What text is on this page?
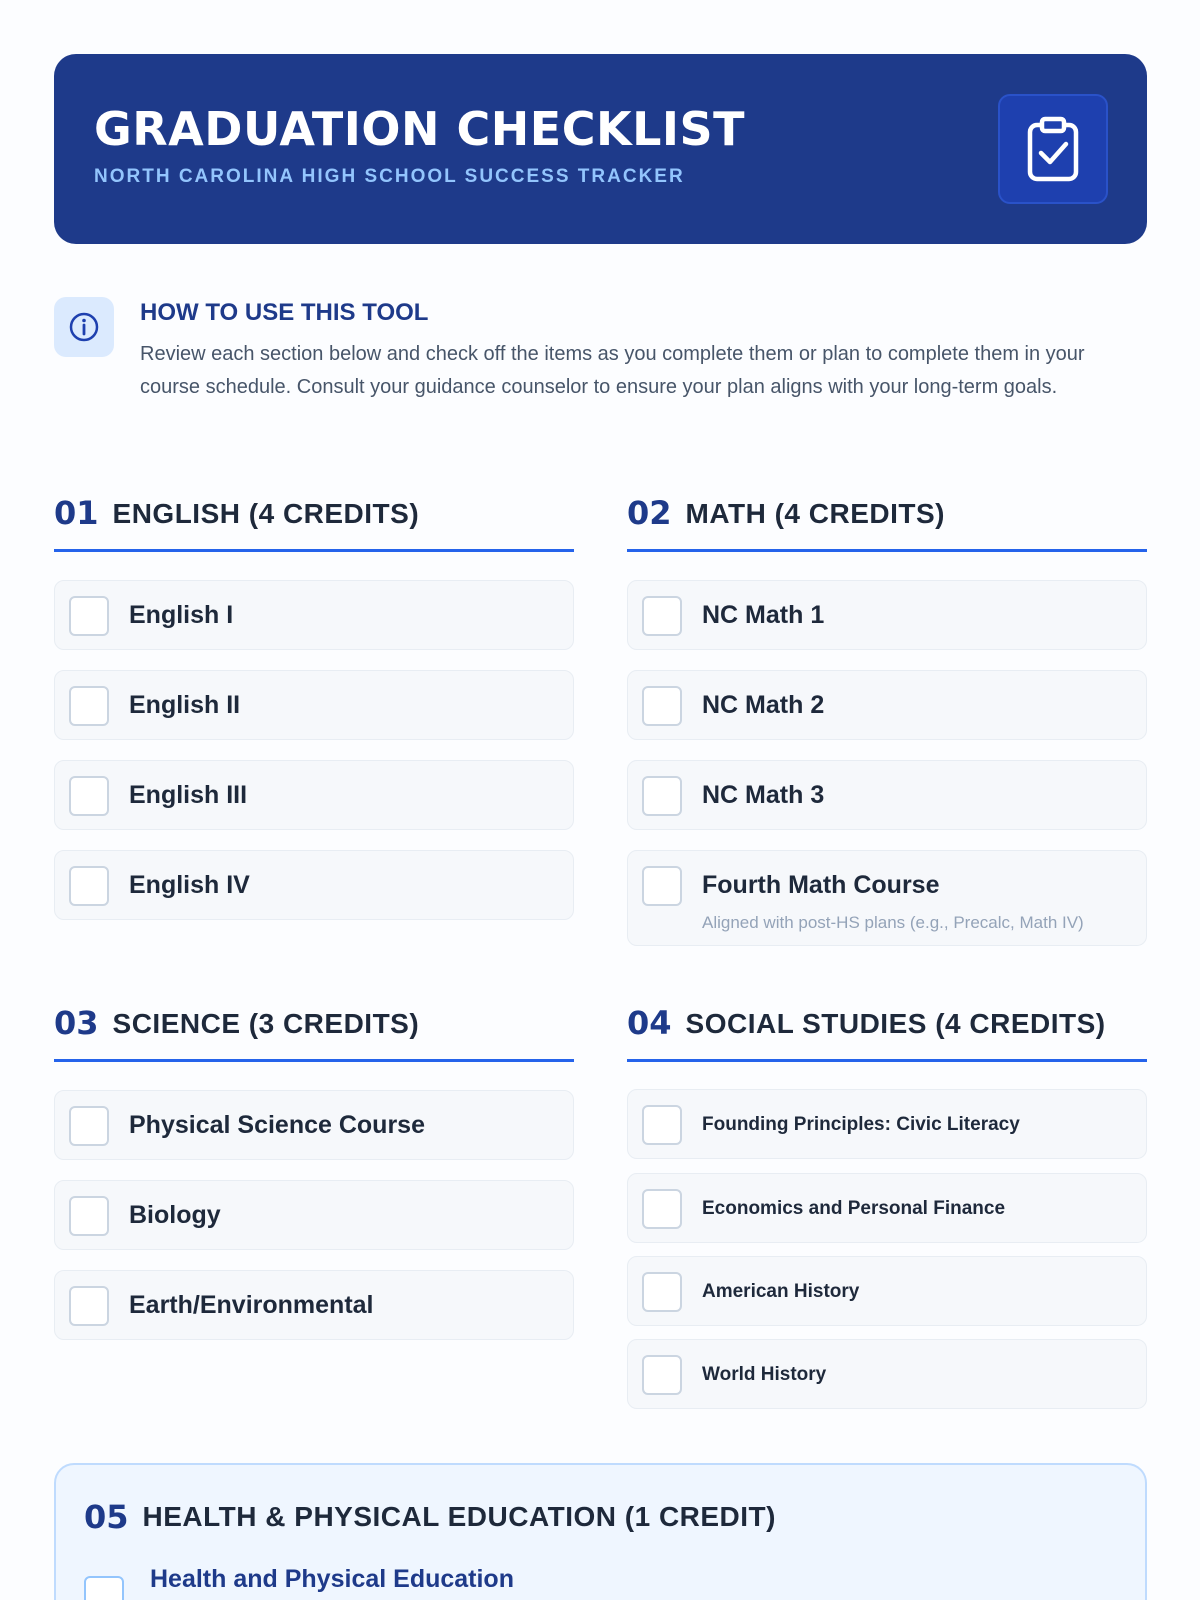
GRADUATION CHECKLIST
NORTH CAROLINA HIGH SCHOOL SUCCESS TRACKER
HOW TO USE THIS TOOL
Review each section below and check off the items as you complete them or plan to complete them in your course schedule. Consult your guidance counselor to ensure your plan aligns with your long-term goals.
01 ENGLISH (4 CREDITS)
English I
English II
English III
English IV
02 MATH (4 CREDITS)
NC Math 1
NC Math 2
NC Math 3
Fourth Math Course
Aligned with post-HS plans (e.g., Precalc, Math IV)
03 SCIENCE (3 CREDITS)
Physical Science Course
Biology
Earth/Environmental
04 SOCIAL STUDIES (4 CREDITS)
Founding Principles: Civic Literacy
Economics and Personal Finance
American History
World History
05 HEALTH & PHYSICAL EDUCATION (1 CREDIT)
Health and Physical Education
